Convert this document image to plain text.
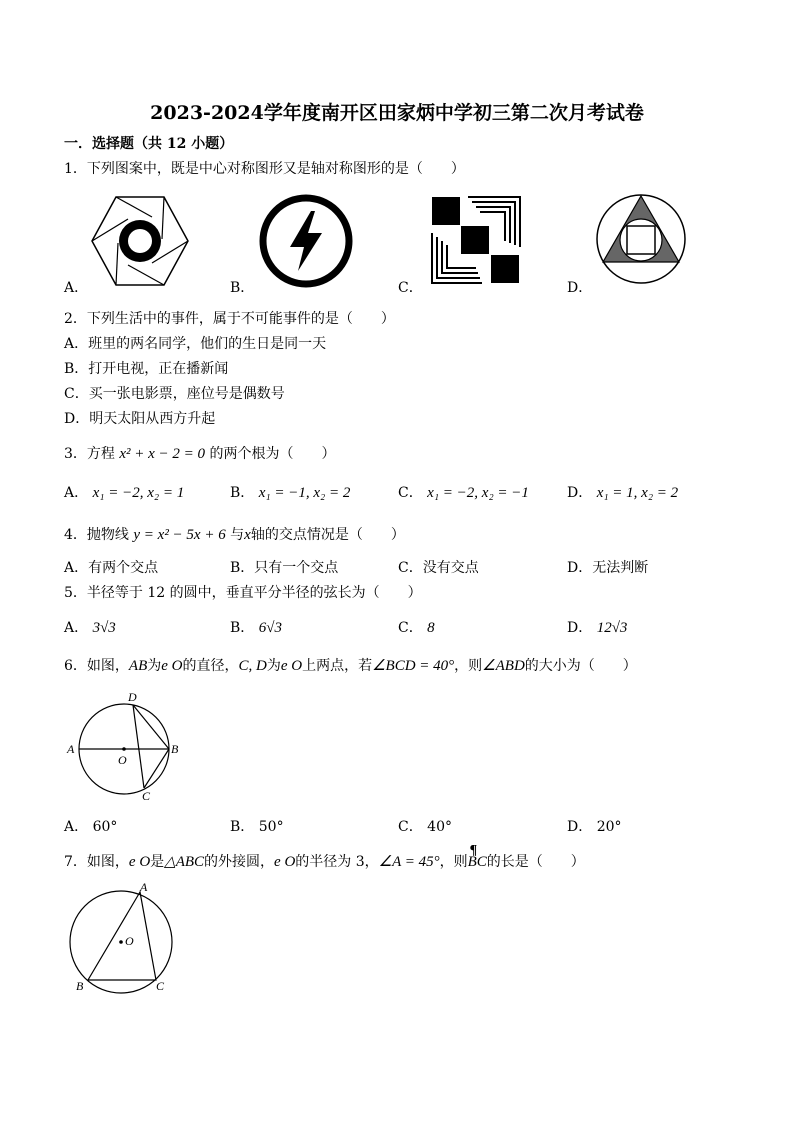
2023-2024学年度南开区田家炳中学初三第二次月考试卷
一．选择题（共 12 小题）
1．下列图案中，既是中心对称图形又是轴对称图形的是（　　）
A．	B．	C．	D．
2．下列生活中的事件，属于不可能事件的是（　　）
A．班里的两名同学，他们的生日是同一天
B．打开电视，正在播新闻
C．买一张电影票，座位号是偶数号
D．明天太阳从西方升起
3．方程 x² + x − 2 = 0 的两个根为（　　）
A． x₁ = −2, x₂ = 1	B． x₁ = −1, x₂ = 2	C． x₁ = −2, x₂ = −1	D． x₁ = 1, x₂ = 2
4．抛物线 y = x² − 5x + 6 与x轴的交点情况是（　　）
A．有两个交点	B．只有一个交点	C．没有交点	D．无法判断
5．半径等于 12 的圆中，垂直平分半径的弦长为（　　）
A． 3√3	B． 6√3	C． 8	D． 12√3
6．如图，AB为e O的直径，C, D为e O上两点，若∠BCD = 40°，则∠ABD的大小为（　　）
A	B
C
D
O
A． 60°	B． 50°	C． 40°	D． 20°
7．如图，e O是△ABC的外接圆，e O的半径为 3，∠A = 45°，则
¶
BC的长是（　　）
A
B	C
O
